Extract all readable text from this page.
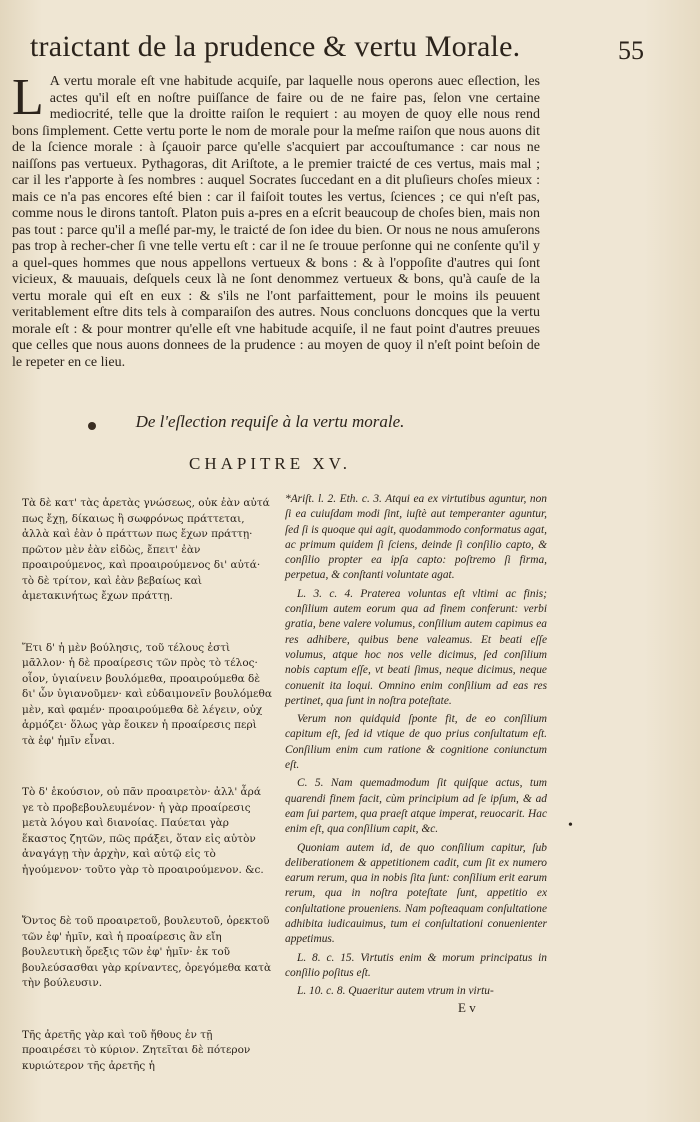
traictant de la prudence & vertu Morale.	55
L A vertu morale eſt vne habitude acquiſe, par laquelle nous operons auec eſlection, les actes qu'il eſt en noſtre puiſſance de faire ou de ne faire pas, ſelon vne certaine mediocrité, telle que la droitte raiſon le requiert : au moyen de quoy elle nous rend bons ſimplement. Cette vertu porte le nom de morale pour la meſme raiſon que nous auons dit de la ſcience morale : à ſçauoir parce qu'elle s'acquiert par accouſtumance : car nous ne naiſſons pas vertueux. Pythagoras, dit Ariſtote, a le premier traicté de ces vertus, mais mal ; car il les r'apporte à ſes nombres : auquel Socrates ſuccedant en a dit pluſieurs choſes mieux : mais ce n'a pas encores eſté bien : car il faiſoit toutes les vertus, ſciences ; ce qui n'eſt pas, comme nous le dirons tantoſt. Platon puis a-pres en a eſcrit beaucoup de choſes bien, mais non pas tout : parce qu'il a meſlé par-my, le traicté de ſon idee du bien. Or nous ne nous amuſerons pas trop à recher-cher ſi vne telle vertu eſt : car il ne ſe trouue perſonne qui ne conſente qu'il y a quel-ques hommes que nous appellons vertueux & bons : & à l'oppoſite d'autres qui ſont vicieux, & mauuais, deſquels ceux là ne ſont denommez vertueux & bons, qu'à cauſe de la vertu morale qui eſt en eux : & s'ils ne l'ont parfaittement, pour le moins ils peuuent veritablement eſtre dits tels à comparaiſon des autres. Nous concluons doncques que la vertu morale eſt : & pour montrer qu'elle eſt vne habitude acquiſe, il ne faut point d'autres preuues que celles que nous auons donnees de la prudence : au moyen de quoy il n'eſt point beſoin de le repeter en ce lieu.
De l'eſlection requiſe à la vertu morale.
CHAPITRE XV.

Τὰ δὲ κατ' τὰς ἀρετὰς γνώσεως, οὐκ ἐὰν αὐτά πως ἔχῃ, δίκαιως ἢ σωφρόνως πράττεται, ἀλλὰ καὶ ἐὰν ὁ πράττων πως ἔχων πράττῃ· πρῶτον μὲν ἐὰν εἰδὼς, ἔπειτ' ἐὰν προαιρούμενος, καὶ προαιρούμενος δι' αὐτά· τὸ δὲ τρίτον, καὶ ἐὰν βεβαίως καὶ ἀμετακινήτως ἔχων πράττῃ.

Ἔτι δ' ἡ μὲν βούλησις, τοῦ τέλους ἐστὶ μᾶλλον· ἡ δὲ προαίρεσις τῶν πρὸς τὸ τέλος· οἷον, ὑγιαίνειν βουλόμεθα, προαιρούμεθα δὲ δι' ὧν ὑγιανοῦμεν· καὶ εὐδαιμονεῖν βουλόμεθα μὲν, καὶ φαμέν· προαιρούμεθα δὲ λέγειν, οὐχ ἁρμόζει· ὅλως γὰρ ἔοικεν ἡ προαίρεσις περὶ τὰ ἐφ' ἡμῖν εἶναι.

Τὸ δ' ἑκούσιον, οὐ πᾶν προαιρετὸν· ἀλλ' ἆρά γε τὸ προβεβουλευμένον· ἡ γὰρ προαίρεσις μετὰ λόγου καὶ διανοίας. Παύεται γὰρ ἕκαστος ζητῶν, πῶς πράξει, ὅταν εἰς αὑτὸν ἀναγάγῃ τὴν ἀρχὴν, καὶ αὑτῷ εἰς τὸ ἡγούμενον· τοῦτο γὰρ τὸ προαιρούμενον. &c.

Ὄντος δὲ τοῦ προαιρετοῦ, βουλευτοῦ, ὀρεκτοῦ τῶν ἐφ' ἡμῖν, καὶ ἡ προαίρεσις ἂν εἴη βουλευτικὴ ὄρεξις τῶν ἐφ' ἡμῖν· ἐκ τοῦ βουλεύσασθαι γὰρ κρίναντες, ὀρεγόμεθα κατὰ τὴν βούλευσιν.

Τῆς ἀρετῆς γὰρ καὶ τοῦ ἤθους ἐν τῇ προαιρέσει τὸ κύριον. Ζητεῖται δὲ πότερον κυριώτερον τῆς ἀρετῆς ἡ

*Ariſt. l. 2. Eth. c. 3. Atqui ea ex virtutibus aguntur, non ſi ea cuiuſdam modi ſint, iuſtè aut temperanter aguntur, ſed ſi is quoque qui agit, quodammodo conformatus agat, ac primum quidem ſi ſciens, deinde ſi conſilio capto, & conſilio propter ea ipſa capto: poſtremo ſi firma, perpetua, & conſtanti voluntate agat.

L. 3. c. 4. Praterea voluntas eſt vltimi ac finis; conſilium autem eorum qua ad finem conferunt: verbi gratia, bene valere volumus, conſilium autem capimus ea res adhibere, quibus bene valeamus. Et beati eſſe volumus, atque hoc nos velle dicimus, ſed conſilium nobis captum eſſe, vt beati ſimus, neque dicimus, neque conuenit ita loqui. Omnino enim conſilium ad eas res pertinet, qua ſunt in noſtra poteſtate.

Verum non quidquid ſponte fit, de eo conſilium capitum eſt, ſed id vtique de quo prius conſultatum eſt. Conſilium enim cum ratione & cognitione coniunctum eſt.

C. 5. Nam quemadmodum ſit quiſque actus, tum quarendi finem facit, cùm principium ad ſe ipſum, & ad eam ſui partem, qua praeſt atque imperat, reuocarit. Hac enim eſt, qua conſilium capit, &c.

Quoniam autem id, de quo conſilium capitur, ſub deliberationem & appetitionem cadit, cum ſit ex numero earum rerum, qua in nobis ſita ſunt: conſilium erit earum rerum, qua in noſtra poteſtate ſunt, appetitio ex conſultatione proueniens. Nam poſteaquam conſultatione adhibita iudicauimus, tum ei conſultationi conuenienter appetimus.

L. 8. c. 15. Virtutis enim & morum principatus in conſilio poſitus eſt.

L. 10. c. 8. Quaeritur autem vtrum in virtu-

•
E v
